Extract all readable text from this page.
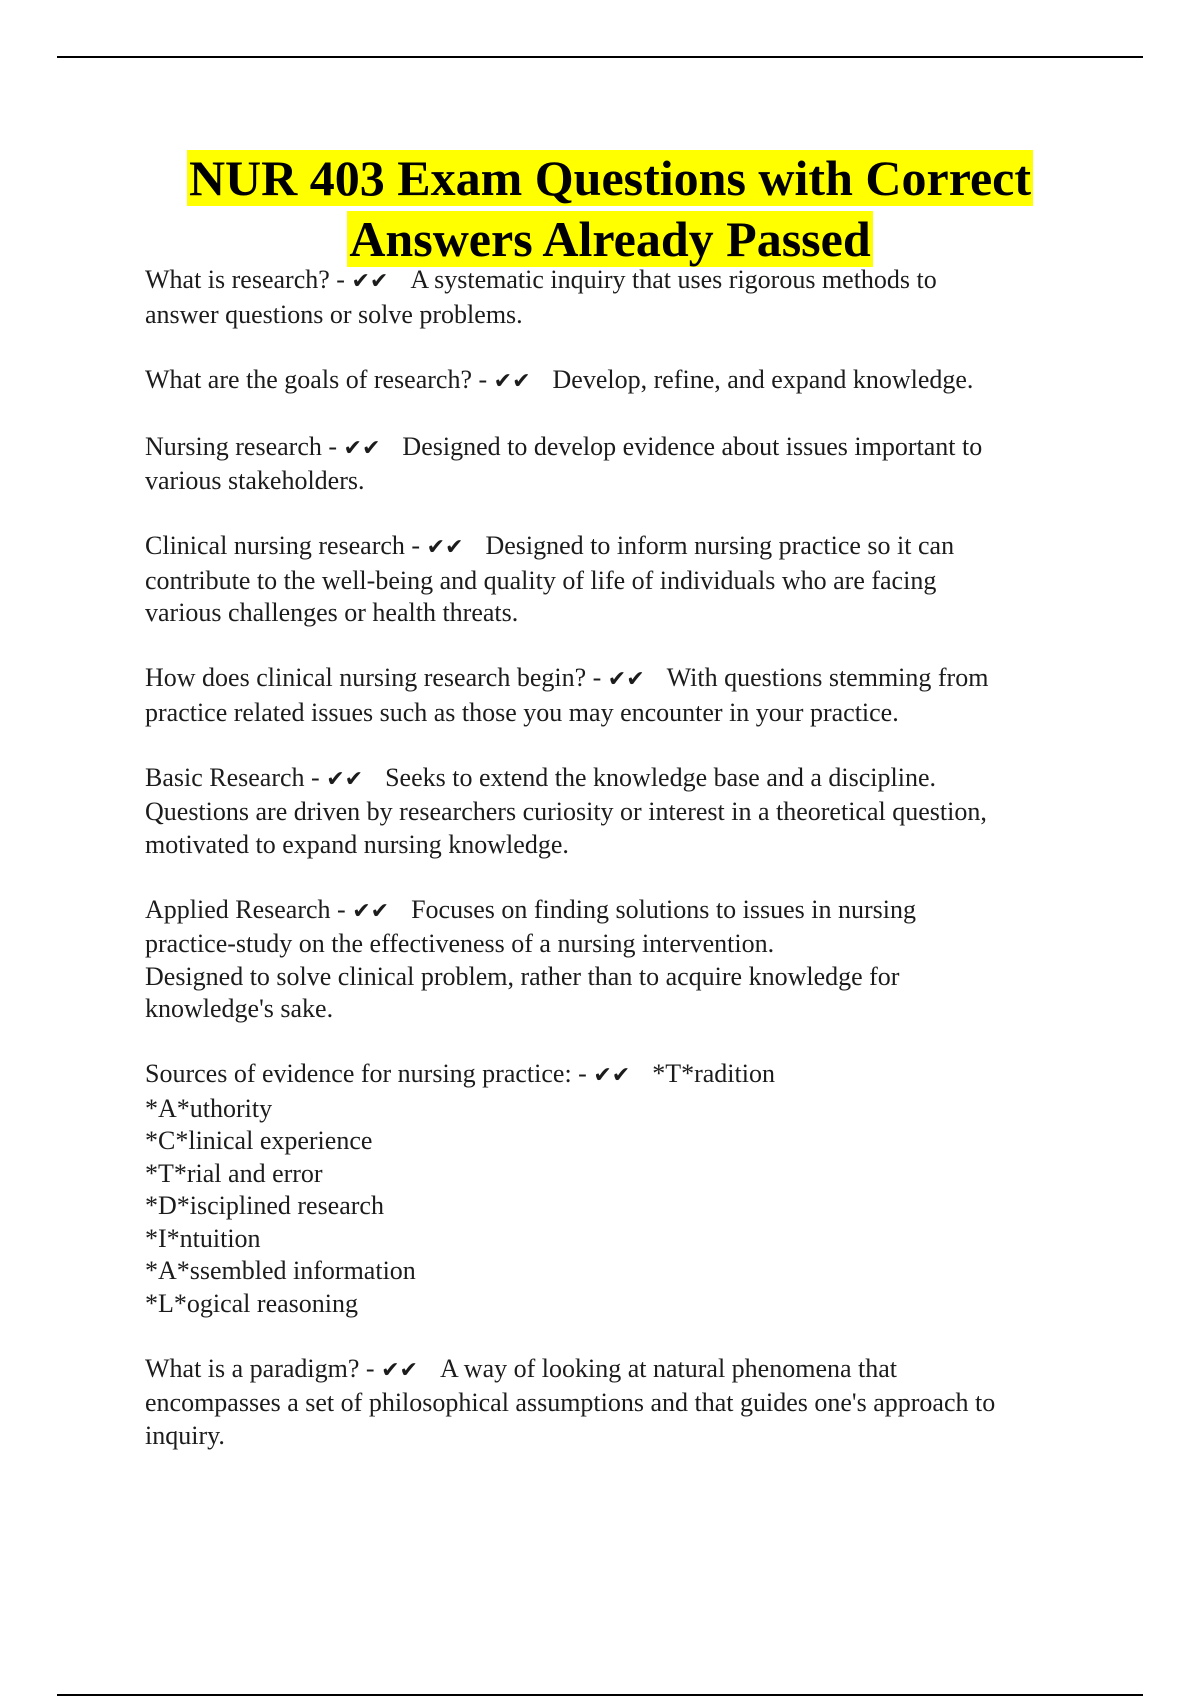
NUR 403 Exam Questions with Correct
Answers Already Passed

What is research? - ✔✔ A systematic inquiry that uses rigorous methods to
answer questions or solve problems.
What are the goals of research? - ✔✔ Develop, refine, and expand knowledge.
Nursing research - ✔✔ Designed to develop evidence about issues important to
various stakeholders.
Clinical nursing research - ✔✔ Designed to inform nursing practice so it can
contribute to the well-being and quality of life of individuals who are facing
various challenges or health threats.
How does clinical nursing research begin? - ✔✔ With questions stemming from
practice related issues such as those you may encounter in your practice.
Basic Research - ✔✔ Seeks to extend the knowledge base and a discipline.
Questions are driven by researchers curiosity or interest in a theoretical question,
motivated to expand nursing knowledge.
Applied Research - ✔✔ Focuses on finding solutions to issues in nursing
practice-study on the effectiveness of a nursing intervention.
Designed to solve clinical problem, rather than to acquire knowledge for
knowledge's sake.
Sources of evidence for nursing practice: - ✔✔ *T*radition
*A*uthority
*C*linical experience
*T*rial and error
*D*isciplined research
*I*ntuition
*A*ssembled information
*L*ogical reasoning
What is a paradigm? - ✔✔ A way of looking at natural phenomena that
encompasses a set of philosophical assumptions and that guides one's approach to
inquiry.
